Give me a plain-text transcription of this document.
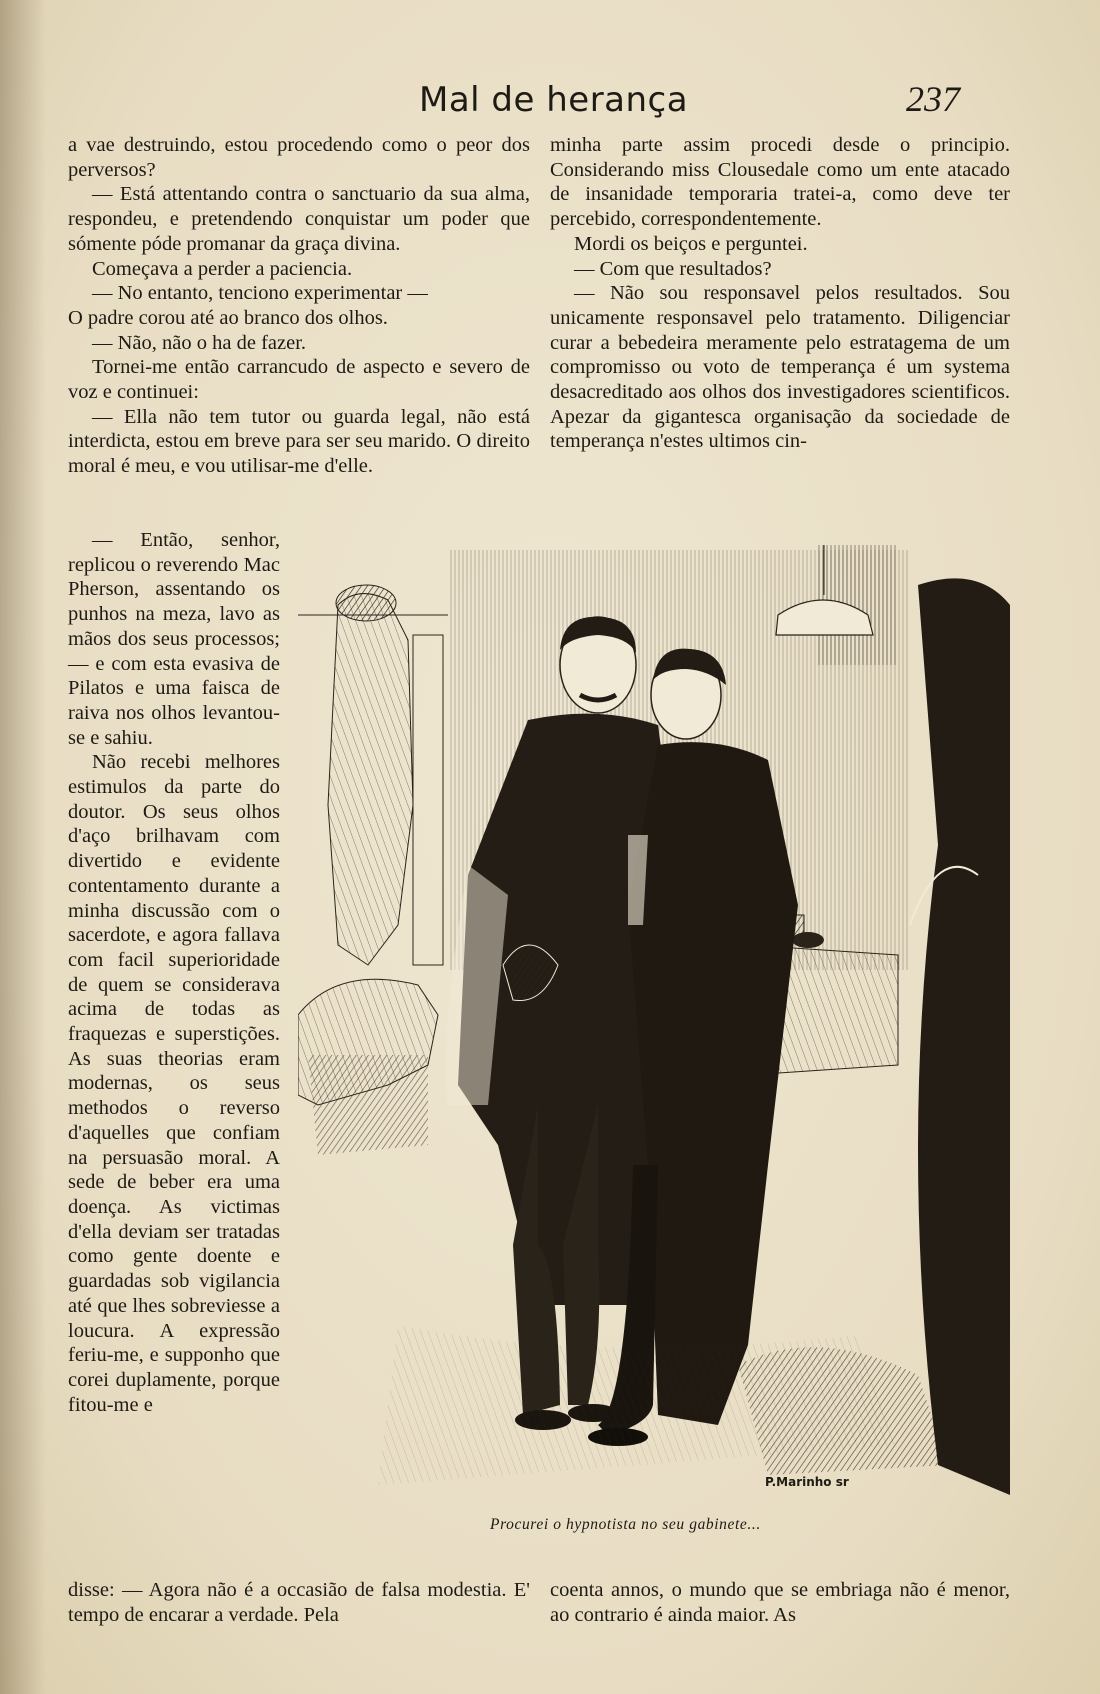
Mal de herança	237

a vae destruindo, estou procedendo como o peor dos perversos?

— Está attentando contra o sanctuario da sua alma, respondeu, e pretendendo conquistar um poder que sómente póde promanar da graça divina.

Começava a perder a paciencia.

— No entanto, tenciono experimentar —

O padre corou até ao branco dos olhos.

— Não, não o ha de fazer.

Tornei-me então carrancudo de aspecto e severo de voz e continuei:

— Ella não tem tutor ou guarda legal, não está interdicta, estou em breve para ser seu marido. O direito moral é meu, e vou utilisar-me d'elle.

minha parte assim procedi desde o principio. Considerando miss Clousedale como um ente atacado de insanidade temporaria tratei-a, como deve ter percebido, correspondentemente.

Mordi os beiços e perguntei.

— Com que resultados?

— Não sou responsavel pelos resultados. Sou unicamente responsavel pelo tratamento. Diligenciar curar a bebedeira meramente pelo estratagema de um compromisso ou voto de temperança é um systema desacreditado aos olhos dos investigadores scientificos. Apezar da gigantesca organisação da sociedade de temperança n'estes ultimos cin-

— Então, senhor, replicou o reverendo Mac Pherson, assentando os punhos na meza, lavo as mãos dos seus processos; — e com esta evasiva de Pilatos e uma faisca de raiva nos olhos levantou-se e sahiu.

Não recebi melhores estimulos da parte do doutor. Os seus olhos d'aço brilhavam com divertido e evidente contentamento durante a minha discussão com o sacerdote, e agora fallava com facil superioridade de quem se considerava acima de todas as fraquezas e superstições. As suas theorias eram modernas, os seus methodos o reverso d'aquelles que confiam na persuasão moral. A sede de beber era uma doença. As victimas d'ella deviam ser tratadas como gente doente e guardadas sob vigilancia até que lhes sobreviesse a loucura. A expressão feriu-me, e supponho que corei duplamente, porque fitou-me e

P.Marinho sr
Procurei o hypnotista no seu gabinete...

disse: — Agora não é a occasião de falsa modestia. E' tempo de encarar a verdade. Pela

coenta annos, o mundo que se embriaga não é menor, ao contrario é ainda maior. As
